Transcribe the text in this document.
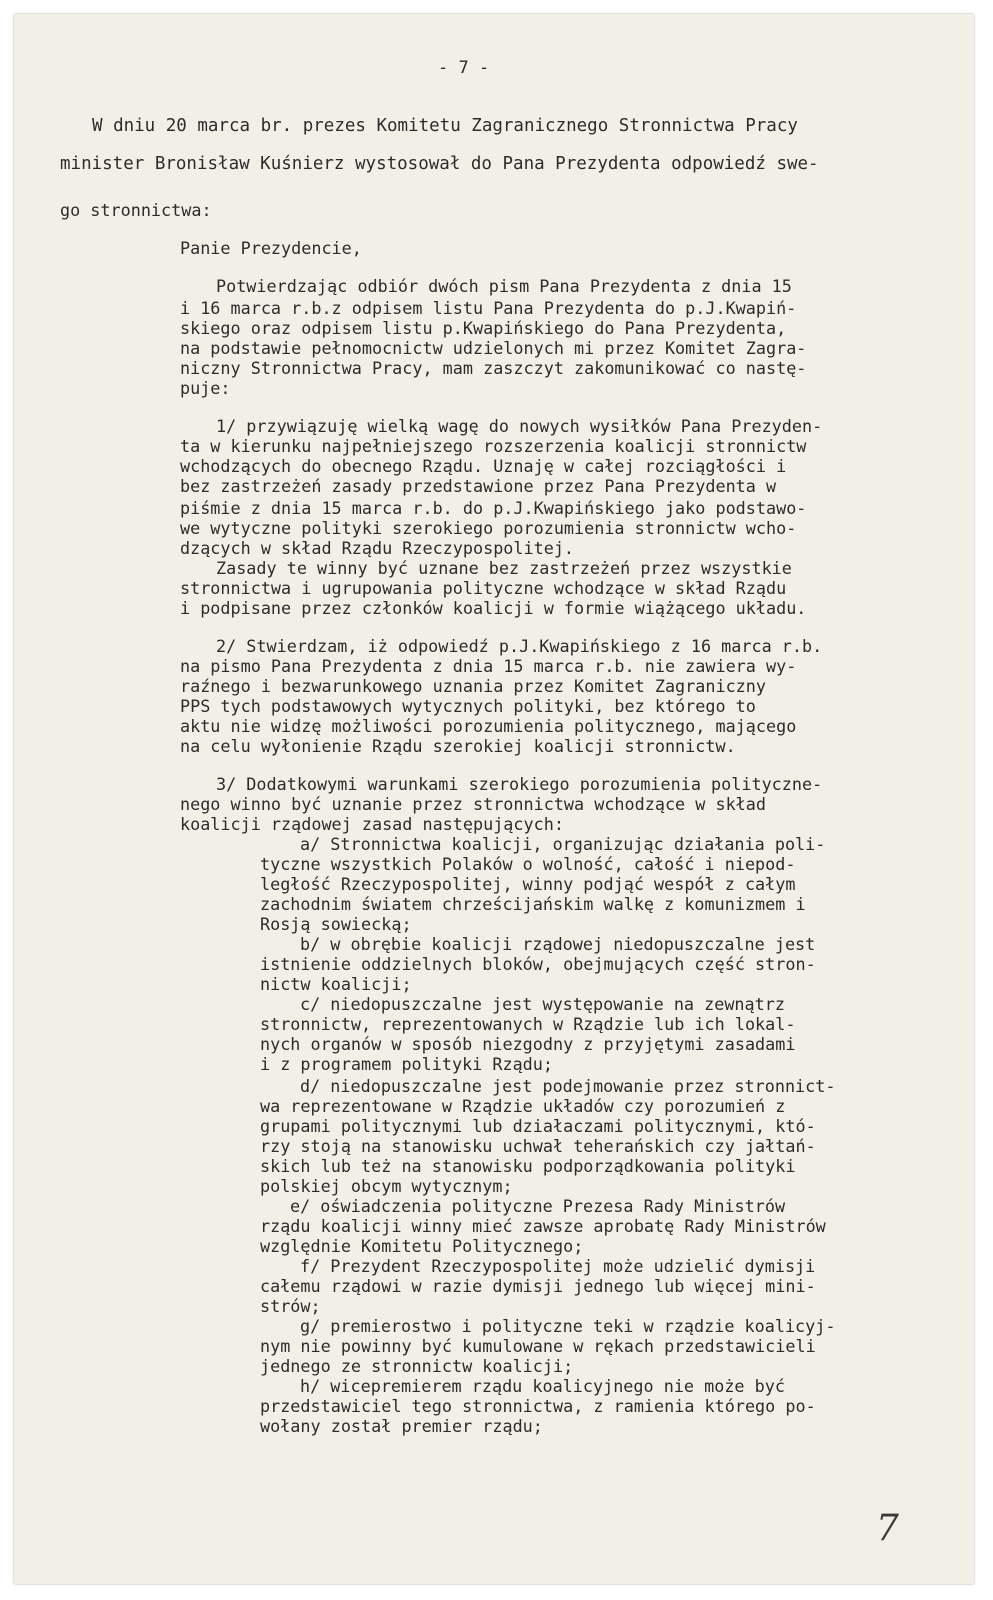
- 7 -
W dniu 20 marca br. prezes Komitetu Zagranicznego Stronnictwa Pracy
minister Bronisław Kuśnierz wystosował do Pana Prezydenta odpowiedź swe-
go stronnictwa:
Panie Prezydencie,
Potwierdzając odbiór dwóch pism Pana Prezydenta z dnia 15
i 16 marca r.b.z odpisem listu Pana Prezydenta do p.J.Kwapiń-
skiego oraz odpisem listu p.Kwapińskiego do Pana Prezydenta,
na podstawie pełnomocnictw udzielonych mi przez Komitet Zagra-
niczny Stronnictwa Pracy, mam zaszczyt zakomunikować co nastę-
puje:
1/ przywiązuję wielką wagę do nowych wysiłków Pana Prezyden-
ta w kierunku najpełniejszego rozszerzenia koalicji stronnictw
wchodzących do obecnego Rządu. Uznaję w całej rozciągłości i
bez zastrzeżeń zasady przedstawione przez Pana Prezydenta w
piśmie z dnia 15 marca r.b. do p.J.Kwapińskiego jako podstawo-
we wytyczne polityki szerokiego porozumienia stronnictw wcho-
dzących w skład Rządu Rzeczypospolitej.
Zasady te winny być uznane bez zastrzeżeń przez wszystkie
stronnictwa i ugrupowania polityczne wchodzące w skład Rządu
i podpisane przez członków koalicji w formie wiążącego układu.
2/ Stwierdzam, iż odpowiedź p.J.Kwapińskiego z 16 marca r.b.
na pismo Pana Prezydenta z dnia 15 marca r.b. nie zawiera wy-
raźnego i bezwarunkowego uznania przez Komitet Zagraniczny
PPS tych podstawowych wytycznych polityki, bez którego to
aktu nie widzę możliwości porozumienia politycznego, mającego
na celu wyłonienie Rządu szerokiej koalicji stronnictw.
3/ Dodatkowymi warunkami szerokiego porozumienia polityczne-
nego winno być uznanie przez stronnictwa wchodzące w skład
koalicji rządowej zasad następujących:
a/ Stronnictwa koalicji, organizując działania poli-
tyczne wszystkich Polaków o wolność, całość i niepod-
ległość Rzeczypospolitej, winny podjąć wespół z całym
zachodnim światem chrześcijańskim walkę z komunizmem i
Rosją sowiecką;
b/ w obrębie koalicji rządowej niedopuszczalne jest
istnienie oddzielnych bloków, obejmujących część stron-
nictw koalicji;
c/ niedopuszczalne jest występowanie na zewnątrz
stronnictw, reprezentowanych w Rządzie lub ich lokal-
nych organów w sposób niezgodny z przyjętymi zasadami
i z programem polityki Rządu;
d/ niedopuszczalne jest podejmowanie przez stronnict-
wa reprezentowane w Rządzie układów czy porozumień z
grupami politycznymi lub działaczami politycznymi, któ-
rzy stoją na stanowisku uchwał teherańskich czy jałtań-
skich lub też na stanowisku podporządkowania polityki
polskiej obcym wytycznym;
e/ oświadczenia polityczne Prezesa Rady Ministrów
rządu koalicji winny mieć zawsze aprobatę Rady Ministrów
względnie Komitetu Politycznego;
f/ Prezydent Rzeczypospolitej może udzielić dymisji
całemu rządowi w razie dymisji jednego lub więcej mini-
strów;
g/ premierostwo i polityczne teki w rządzie koalicyj-
nym nie powinny być kumulowane w rękach przedstawicieli
jednego ze stronnictw koalicji;
h/ wicepremierem rządu koalicyjnego nie może być
przedstawiciel tego stronnictwa, z ramienia którego po-
wołany został premier rządu;
7
